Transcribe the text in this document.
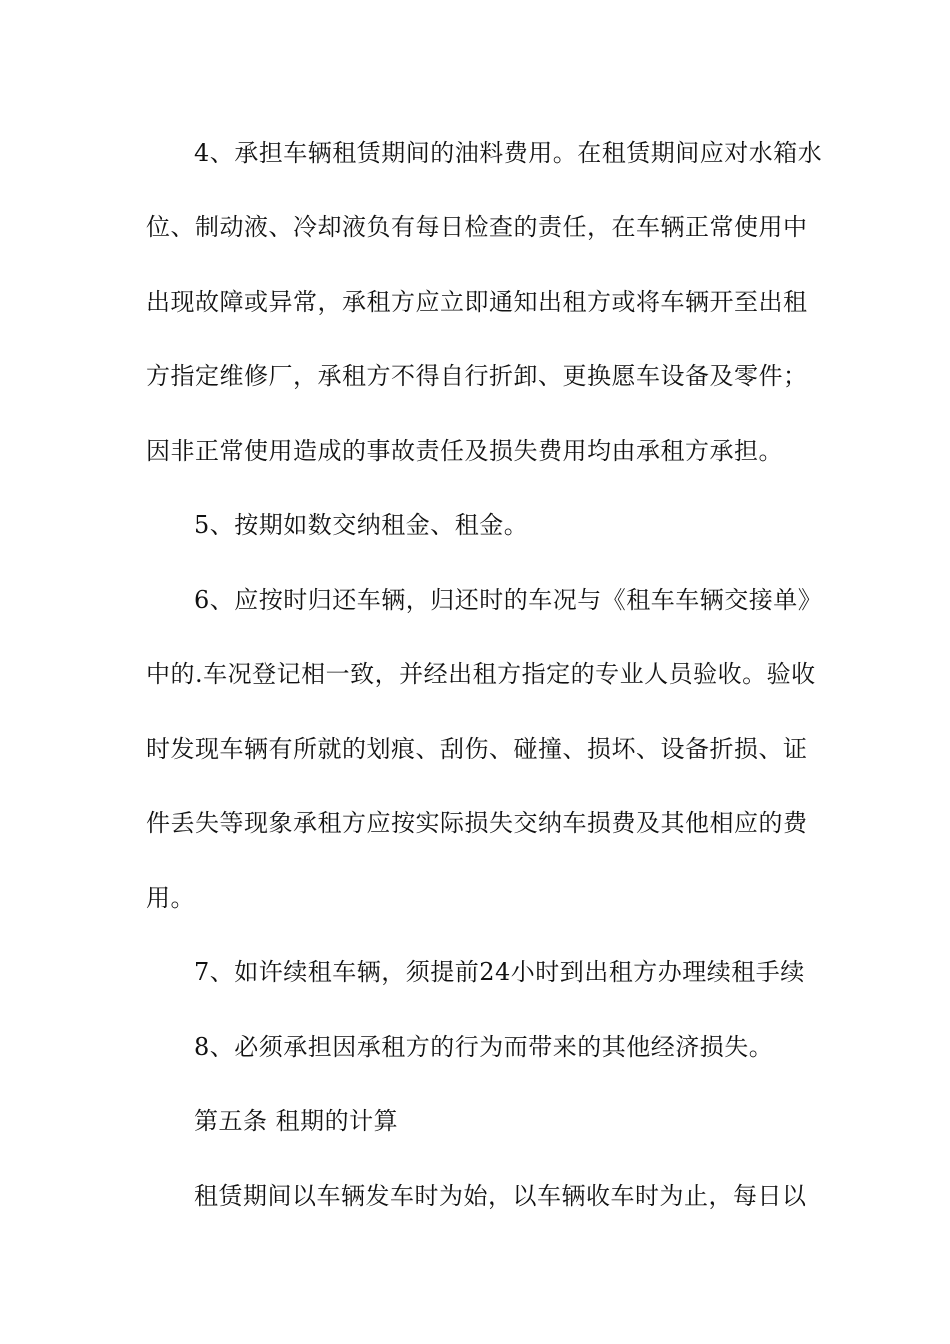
4、承担车辆租赁期间的油料费用。在租赁期间应对水箱水
位、制动液、冷却液负有每日检查的责任，在车辆正常使用中
出现故障或异常，承租方应立即通知出租方或将车辆开至出租
方指定维修厂，承租方不得自行折卸、更换愿车设备及零件；
因非正常使用造成的事故责任及损失费用均由承租方承担。
5、按期如数交纳租金、租金。
6、应按时归还车辆，归还时的车况与《租车车辆交接单》
中的.车况登记相一致，并经出租方指定的专业人员验收。验收
时发现车辆有所就的划痕、刮伤、碰撞、损坏、设备折损、证
件丢失等现象承租方应按实际损失交纳车损费及其他相应的费
用。
7、如许续租车辆，须提前24小时到出租方办理续租手续
8、必须承担因承租方的行为而带来的其他经济损失。
第五条 租期的计算
租赁期间以车辆发车时为始，以车辆收车时为止，每日以
